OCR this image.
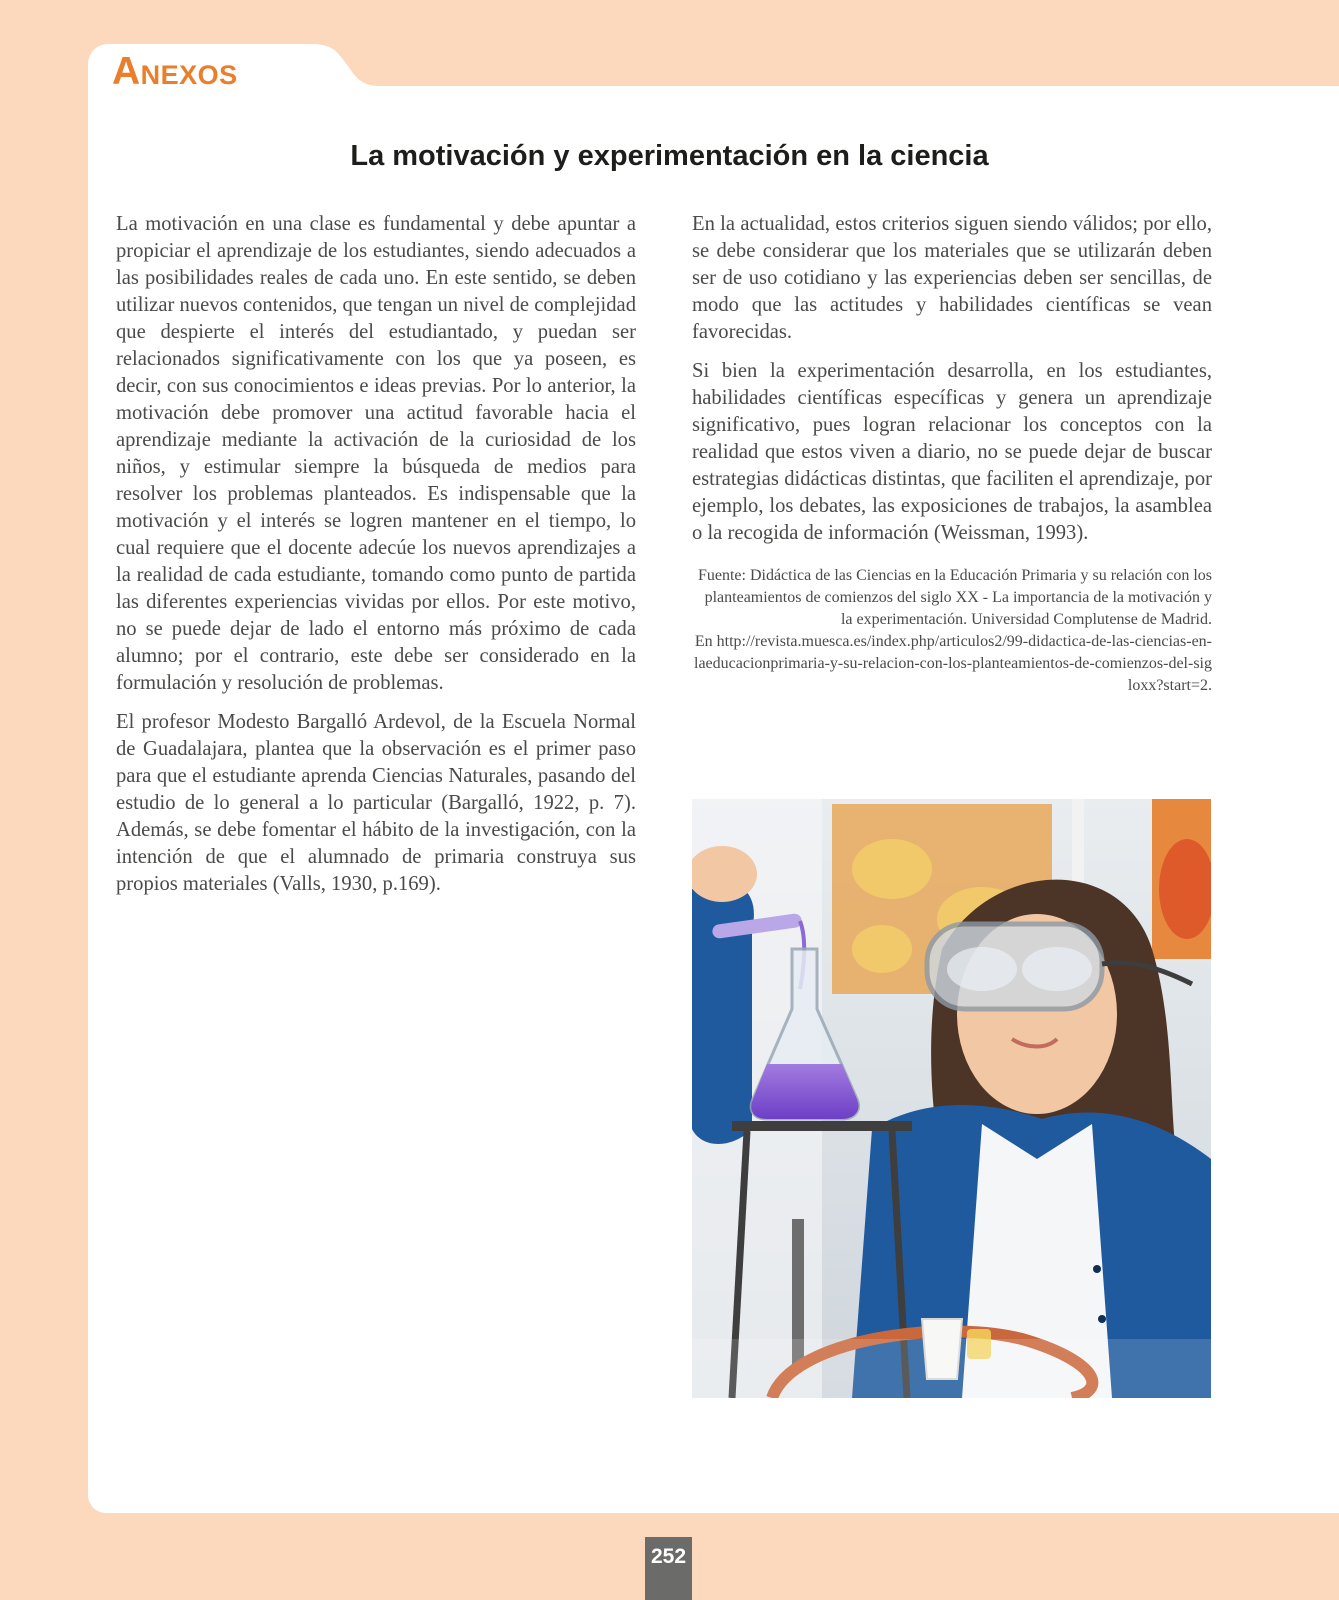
Anexos
La motivación y experimentación en la ciencia

La motivación en una clase es fundamental y debe apuntar a propiciar el aprendizaje de los estudiantes, siendo adecuados a las posibilidades reales de cada uno. En este sentido, se deben utilizar nuevos contenidos, que tengan un nivel de complejidad que despierte el interés del estudiantado, y puedan ser relacionados significativamente con los que ya poseen, es decir, con sus conocimientos e ideas previas. Por lo anterior, la motivación debe promover una actitud favorable hacia el aprendizaje mediante la activación de la curiosidad de los niños, y estimular siempre la búsqueda de medios para resolver los problemas planteados. Es indispensable que la motivación y el interés se logren mantener en el tiempo, lo cual requiere que el docente adecúe los nuevos aprendizajes a la realidad de cada estudiante, tomando como punto de partida las diferentes experiencias vividas por ellos. Por este motivo, no se puede dejar de lado el entorno más próximo de cada alumno; por el contrario, este debe ser considerado en la formulación y resolución de problemas.

El profesor Modesto Bargalló Ardevol, de la Escuela Normal de Guadalajara, plantea que la observación es el primer paso para que el estudiante aprenda Ciencias Naturales, pasando del estudio de lo general a lo particular (Bargalló, 1922, p. 7). Además, se debe fomentar el hábito de la investigación, con la intención de que el alumnado de primaria construya sus propios materiales (Valls, 1930, p.169).

En la actualidad, estos criterios siguen siendo válidos; por ello, se debe considerar que los materiales que se utilizarán deben ser de uso cotidiano y las experiencias deben ser sencillas, de modo que las actitudes y habilidades científicas se vean favorecidas.

Si bien la experimentación desarrolla, en los estudiantes, habilidades científicas específicas y genera un aprendizaje significativo, pues logran relacionar los conceptos con la realidad que estos viven a diario, no se puede dejar de buscar estrategias didácticas distintas, que faciliten el aprendizaje, por ejemplo, los debates, las exposiciones de trabajos, la asamblea o la recogida de información (Weissman, 1993).

Fuente: Didáctica de las Ciencias en la Educación Primaria y su relación con los planteamientos de comienzos del siglo XX - La importancia de la motivación y la experimentación. Universidad Complutense de Madrid.
En http://revista.muesca.es/index.php/articulos2/99-didactica-de-las-ciencias-en-laeducacionprimaria-y-su-relacion-con-los-planteamientos-de-comienzos-del-sigloxx?start=2.
252
